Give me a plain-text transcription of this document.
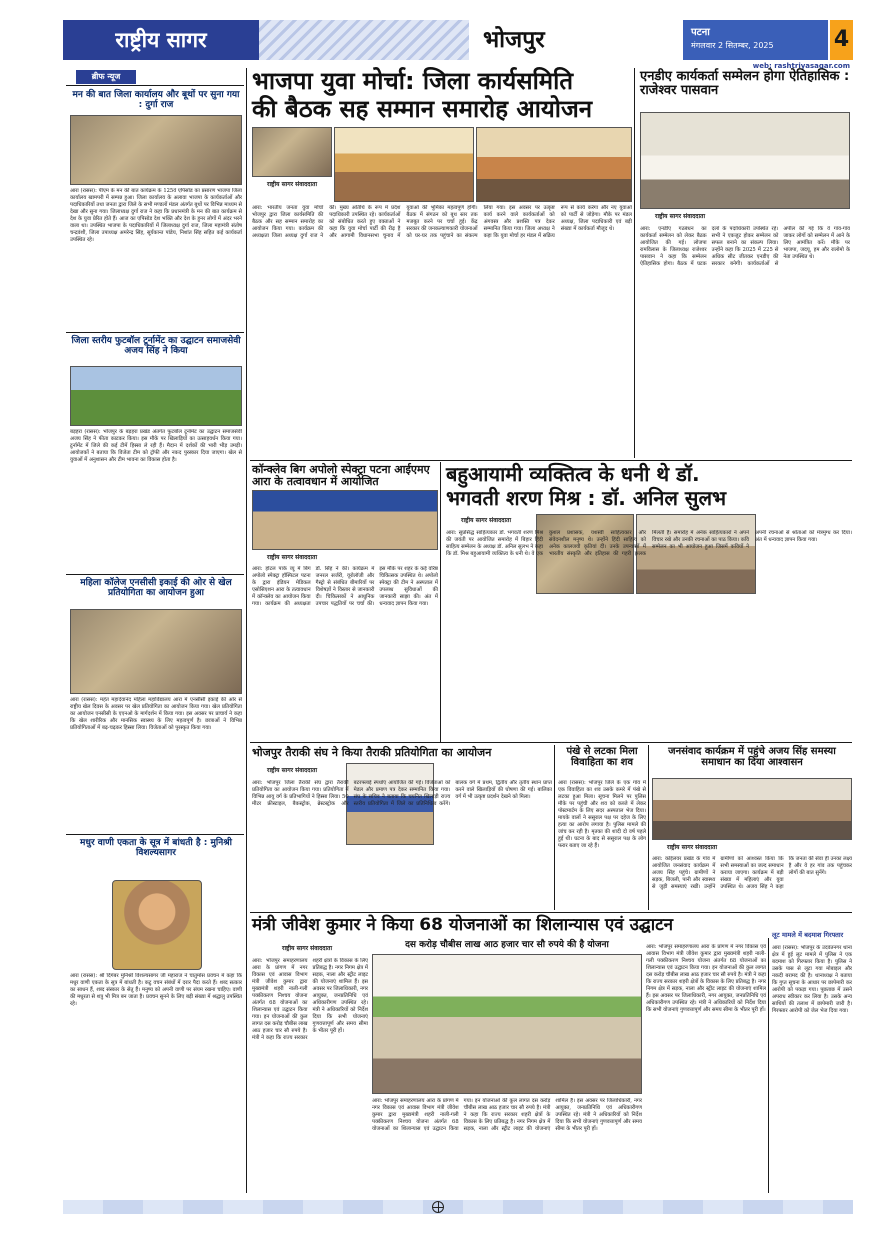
राष्ट्रीय सागर	भोजपुर	पटना
मंगलवार 2 सितम्बर, 2025	4
web: rashtriyasagar.com
ब्रीफ न्यूज
मन की बात जिला कार्यालय और बूथों पर सुना गया : दुर्गा राज
आरा (रासस): पीएम के मन की बात कार्यक्रम के 125वें एपिसोड का प्रसारण भाजपा जिला कार्यालय खामपरी में सम्पन्न हुआ। जिला कार्यालय के अलावा भाजपा के कार्यकर्ताओं और पदाधिकारियों तथा जनता द्वारा जिले के सभी मण्डलों मंडल अंतर्गत बूथों पर विभिन्न माध्यम से देखा और सुना गया। जिलाध्यक्ष दुर्गा राज ने कहा कि प्रधानमंत्री के मन की बात कार्यक्रम से देश के युवा प्रेरित होते हैं। आज का एपिसोड देश भक्ति और देश के हुनर लोगों में अंदर भरने वाला था। उपस्थित भाजपा के पदाधिकारियों में जिलाध्यक्ष दुर्गा राज, जिला महामंत्री संतोष चन्द्रवंशी, जिला उपाध्यक्ष अमरेन्द्र सिंह, सूर्यकान्त पांडेय, निशांत सिंह सहित कई कार्यकर्ता उपस्थित रहे।
जिला स्तरीय फुटबॉल टूर्नामेंट का उद्घाटन समाजसेवी अजय सिंह ने किया
बड़हरा (रासस): भोजपुर के बड़हरा प्रखंड अंतर्गत फुटबॉल टूर्नामेंट का उद्घाटन समाजसेवी अजय सिंह ने फीता काटकर किया। इस मौके पर खिलाड़ियों का उत्साहवर्धन किया गया। टूर्नामेंट में जिले की कई टीमें हिस्सा ले रही हैं। मैदान में दर्शकों की भारी भीड़ उमड़ी। आयोजकों ने बताया कि विजेता टीम को ट्रॉफी और नकद पुरस्कार दिया जाएगा। खेल से युवाओं में अनुशासन और टीम भावना का विकास होता है।
महिला कॉलेज एनसीसी इकाई की ओर से खेल प्रतियोगिता का आयोजन हुआ
आरा (रासस): महंत महादेवानंद महिला महाविद्यालय आरा में एनसीसी इकाई की ओर से राष्ट्रीय खेल दिवस के अवसर पर खेल प्रतियोगिता का आयोजन किया गया। खेल प्रतियोगिता का आयोजन एनसीसी के एएनओ के मार्गदर्शन में किया गया। इस अवसर पर प्राचार्य ने कहा कि खेल शारीरिक और मानसिक स्वास्थ्य के लिए महत्वपूर्ण है। छात्राओं ने विभिन्न प्रतियोगिताओं में बढ़-चढ़कर हिस्सा लिया। विजेताओं को पुरस्कृत किया गया।
मधुर वाणी एकता के सूत्र में बांधती है : मुनिश्री विशल्यसागर
आरा (रासस): श्री दिगंबर मुनिश्री विशल्यसागर जी महाराज ने चातुर्मास प्रवचन में कहा कि मधुर वाणी एकता के सूत्र में बांधती है। कटु वचन संबंधों में दरार पैदा करते हैं। शब्द सत्कार का साधन हैं, शब्द संस्कार के सेतु हैं। मनुष्य को अपनी वाणी पर संयम रखना चाहिए। वाणी की मधुरता से शत्रु भी मित्र बन जाता है। प्रवचन सुनने के लिए बड़ी संख्या में श्रद्धालु उपस्थित रहे।
भाजपा युवा मोर्चा: जिला कार्यसमिति
की बैठक सह सम्मान समारोह आयोजन
राष्ट्रीय सागर संवाददाता
आरा: भारतीय जनता युवा मोर्चा भोजपुर द्वारा जिला कार्यसमिति की बैठक और सह सम्मान समारोह का आयोजन किया गया। कार्यक्रम की अध्यक्षता जिला अध्यक्ष दुर्गा राज ने की। मुख्य अतिथि के रूप में प्रदेश पदाधिकारी उपस्थित रहे। कार्यकर्ताओं को संबोधित करते हुए वक्ताओं ने कहा कि युवा मोर्चा पार्टी की रीढ़ है और आगामी विधानसभा चुनाव में युवाओं की भूमिका महत्वपूर्ण होगी। बैठक में संगठन को बूथ स्तर तक मजबूत करने पर चर्चा हुई। केंद्र सरकार की जनकल्याणकारी योजनाओं को घर-घर तक पहुंचाने का संकल्प लिया गया। इस अवसर पर उत्कृष्ट कार्य करने वाले कार्यकर्ताओं को अंगवस्त्र और प्रशस्ति पत्र देकर सम्मानित किया गया। जिला अध्यक्ष ने कहा कि युवा मोर्चा हर मंडल में सक्रिय रूप से कार्य करेगा और नए युवाओं को पार्टी से जोड़ेगा। मौके पर मंडल अध्यक्ष, जिला पदाधिकारी एवं बड़ी संख्या में कार्यकर्ता मौजूद थे।
एनडीए कार्यकर्ता सम्मेलन होगा ऐतिहासिक : राजेश्वर पासवान
राष्ट्रीय सागर संवाददाता
आरा: एनडीए गठबंधन का कार्यकर्ता सम्मेलन को लेकर बैठक आयोजित की गई। लोजपा रामविलास के जिलाध्यक्ष राजेश्वर पासवान ने कहा कि सम्मेलन ऐतिहासिक होगा। बैठक में घटक दलों के पदाधिकारी उपस्थित रहे। सभी ने एकजुट होकर सम्मेलन को सफल बनाने का संकल्प लिया। उन्होंने कहा कि 2025 में 225 से अधिक सीट जीतकर एनडीए की सरकार बनेगी। कार्यकर्ताओं से अपील की गई कि वे गांव-गांव जाकर लोगों को सम्मेलन में आने के लिए आमंत्रित करें। मौके पर भाजपा, जदयू, हम और रालोमो के नेता उपस्थित थे।
कॉन्क्लेव बिग अपोलो स्पेक्ट्रा पटना आईएमए आरा के तत्वावधान में आयोजित
राष्ट्रीय सागर संवाददाता
आरा: होटल पार्क व्यू में बिग अपोलो स्पेक्ट्रा हॉस्पिटल पटना के द्वारा इंडियन मेडिकल एसोसिएशन आरा के तत्वावधान में कॉन्क्लेव का आयोजन किया गया। कार्यक्रम की अध्यक्षता डॉ. सिंह ने की। कार्यक्रम में जनरल सर्जरी, यूरोलॉजी और गैस्ट्रो से संबंधित बीमारियों पर विशेषज्ञों ने विस्तार से जानकारी दी। चिकित्सकों ने आधुनिक उपचार पद्धतियों पर चर्चा की। इस मौके पर शहर के कई वरिष्ठ चिकित्सक उपस्थित थे। अपोलो स्पेक्ट्रा की टीम ने अस्पताल में उपलब्ध सुविधाओं की जानकारी साझा की। अंत में धन्यवाद ज्ञापन किया गया।
बहुआयामी व्यक्तित्व के धनी थे डॉ.
भगवती शरण मिश्र : डॉ. अनिल सुलभ
राष्ट्रीय सागर संवाददाता
आरा: सुप्रसिद्ध साहित्यकार डॉ. भगवती शरण मिश्र की जयंती पर आयोजित समारोह में बिहार हिंदी साहित्य सम्मेलन के अध्यक्ष डॉ. अनिल सुलभ ने कहा कि डॉ. मिश्र बहुआयामी व्यक्तित्व के धनी थे। वे एक कुशल प्रशासक, यशस्वी साहित्यकार और संवेदनशील मनुष्य थे। उन्होंने हिंदी साहित्य को अनेक कालजयी कृतियां दीं। उनके उपन्यासों में भारतीय संस्कृति और इतिहास की गहरी झलक मिलती है। समारोह में अनेक साहित्यकारों ने अपने विचार रखे और उनकी रचनाओं का पाठ किया। कवि सम्मेलन का भी आयोजन हुआ जिसमें कवियों ने अपनी रचनाओं से श्रोताओं को मंत्रमुग्ध कर दिया। अंत में धन्यवाद ज्ञापन किया गया।
भोजपुर तैराकी संघ ने किया तैराकी प्रतियोगिता का आयोजन
राष्ट्रीय सागर संवाददाता
आरा: भोजपुर जिला तैराकी संघ द्वारा तैराकी प्रतियोगिता का आयोजन किया गया। प्रतियोगिता में विभिन्न आयु वर्ग के प्रतिभागियों ने हिस्सा लिया। 50 मीटर फ्रीस्टाइल, बैकस्ट्रोक, ब्रेस्टस्ट्रोक और बटरफ्लाई स्पर्धाएं आयोजित की गईं। विजेताओं को मेडल और प्रमाण पत्र देकर सम्मानित किया गया। संघ के सचिव ने बताया कि चयनित खिलाड़ी राज्य स्तरीय प्रतियोगिता में जिले का प्रतिनिधित्व करेंगे। बालक वर्ग में प्रथम, द्वितीय और तृतीय स्थान प्राप्त करने वाले खिलाड़ियों की घोषणा की गई। बालिका वर्ग में भी उत्कृष्ट प्रदर्शन देखने को मिला।
पंखे से लटका मिला विवाहिता का शव
आरा (रासस): भोजपुर जिले के एक गांव में एक विवाहिता का शव उसके कमरे में पंखे से लटका हुआ मिला। सूचना मिलने पर पुलिस मौके पर पहुंची और शव को कब्जे में लेकर पोस्टमार्टम के लिए सदर अस्पताल भेज दिया। मायके वालों ने ससुराल पक्ष पर दहेज के लिए हत्या का आरोप लगाया है। पुलिस मामले की जांच कर रही है। मृतका की शादी दो वर्ष पहले हुई थी। घटना के बाद से ससुराल पक्ष के लोग फरार बताए जा रहे हैं।
जनसंवाद कार्यक्रम में पहुंचे अजय सिंह समस्या समाधान का दिया आश्वासन
राष्ट्रीय सागर संवाददाता
आरा: कोईलवर प्रखंड के गांव में आयोजित जनसंवाद कार्यक्रम में अजय सिंह पहुंचे। ग्रामीणों ने सड़क, बिजली, पानी और स्वास्थ्य से जुड़ी समस्याएं रखीं। उन्होंने ग्रामीणों को आश्वस्त किया कि सभी समस्याओं का जल्द समाधान कराया जाएगा। कार्यक्रम में बड़ी संख्या में महिलाएं और युवा उपस्थित थे। अजय सिंह ने कहा कि जनता की सेवा ही उनका लक्ष्य है और वे हर गांव तक पहुंचकर लोगों की बात सुनेंगे।
मंत्री जीवेश कुमार ने किया 68 योजनाओं का शिलान्यास एवं उद्घाटन
दस करोड़ चौबीस लाख आठ हजार चार सौ रुपये की है योजना
राष्ट्रीय सागर संवाददाता
आरा: भोजपुर समाहरणालय आरा के प्रांगण में नगर विकास एवं आवास विभाग मंत्री जीवेश कुमार द्वारा मुख्यमंत्री शहरी नाली-गली पक्कीकरण निश्चय योजना अंतर्गत 68 योजनाओं का शिलान्यास एवं उद्घाटन किया गया। इन योजनाओं की कुल लागत दस करोड़ चौबीस लाख आठ हजार चार सौ रुपये है। मंत्री ने कहा कि राज्य सरकार शहरी क्षेत्रों के विकास के लिए प्रतिबद्ध है। नगर निगम क्षेत्र में सड़क, नाला और स्ट्रीट लाइट की योजनाएं शामिल हैं। इस अवसर पर जिलाधिकारी, नगर आयुक्त, जनप्रतिनिधि एवं अधिकारीगण उपस्थित रहे। मंत्री ने अधिकारियों को निर्देश दिया कि सभी योजनाएं गुणवत्तापूर्ण और समय सीमा के भीतर पूरी हों।
आरा: भोजपुर समाहरणालय आरा के प्रांगण में नगर विकास एवं आवास विभाग मंत्री जीवेश कुमार द्वारा मुख्यमंत्री शहरी नाली-गली पक्कीकरण निश्चय योजना अंतर्गत 68 योजनाओं का शिलान्यास एवं उद्घाटन किया गया। इन योजनाओं की कुल लागत दस करोड़ चौबीस लाख आठ हजार चार सौ रुपये है। मंत्री ने कहा कि राज्य सरकार शहरी क्षेत्रों के विकास के लिए प्रतिबद्ध है। नगर निगम क्षेत्र में सड़क, नाला और स्ट्रीट लाइट की योजनाएं शामिल हैं। इस अवसर पर जिलाधिकारी, नगर आयुक्त, जनप्रतिनिधि एवं अधिकारीगण उपस्थित रहे। मंत्री ने अधिकारियों को निर्देश दिया कि सभी योजनाएं गुणवत्तापूर्ण और समय सीमा के भीतर पूरी हों।
आरा: भोजपुर समाहरणालय आरा के प्रांगण में नगर विकास एवं आवास विभाग मंत्री जीवेश कुमार द्वारा मुख्यमंत्री शहरी नाली-गली पक्कीकरण निश्चय योजना अंतर्गत 68 योजनाओं का शिलान्यास एवं उद्घाटन किया गया। इन योजनाओं की कुल लागत दस करोड़ चौबीस लाख आठ हजार चार सौ रुपये है। मंत्री ने कहा कि राज्य सरकार शहरी क्षेत्रों के विकास के लिए प्रतिबद्ध है। नगर निगम क्षेत्र में सड़क, नाला और स्ट्रीट लाइट की योजनाएं शामिल हैं। इस अवसर पर जिलाधिकारी, नगर आयुक्त, जनप्रतिनिधि एवं अधिकारीगण उपस्थित रहे। मंत्री ने अधिकारियों को निर्देश दिया कि सभी योजनाएं गुणवत्तापूर्ण और समय सीमा के भीतर पूरी हों।
लूट मामले में बदमाश गिरफ्तार
आरा (रासस): भोजपुर के उदवंतनगर थाना क्षेत्र में हुई लूट मामले में पुलिस ने एक बदमाश को गिरफ्तार किया है। पुलिस ने उसके पास से लूटा गया मोबाइल और नकदी बरामद की है। थानाध्यक्ष ने बताया कि गुप्त सूचना के आधार पर छापेमारी कर आरोपी को पकड़ा गया। पूछताछ में उसने अपराध स्वीकार कर लिया है। उसके अन्य साथियों की तलाश में छापेमारी जारी है। गिरफ्तार आरोपी को जेल भेज दिया गया।
